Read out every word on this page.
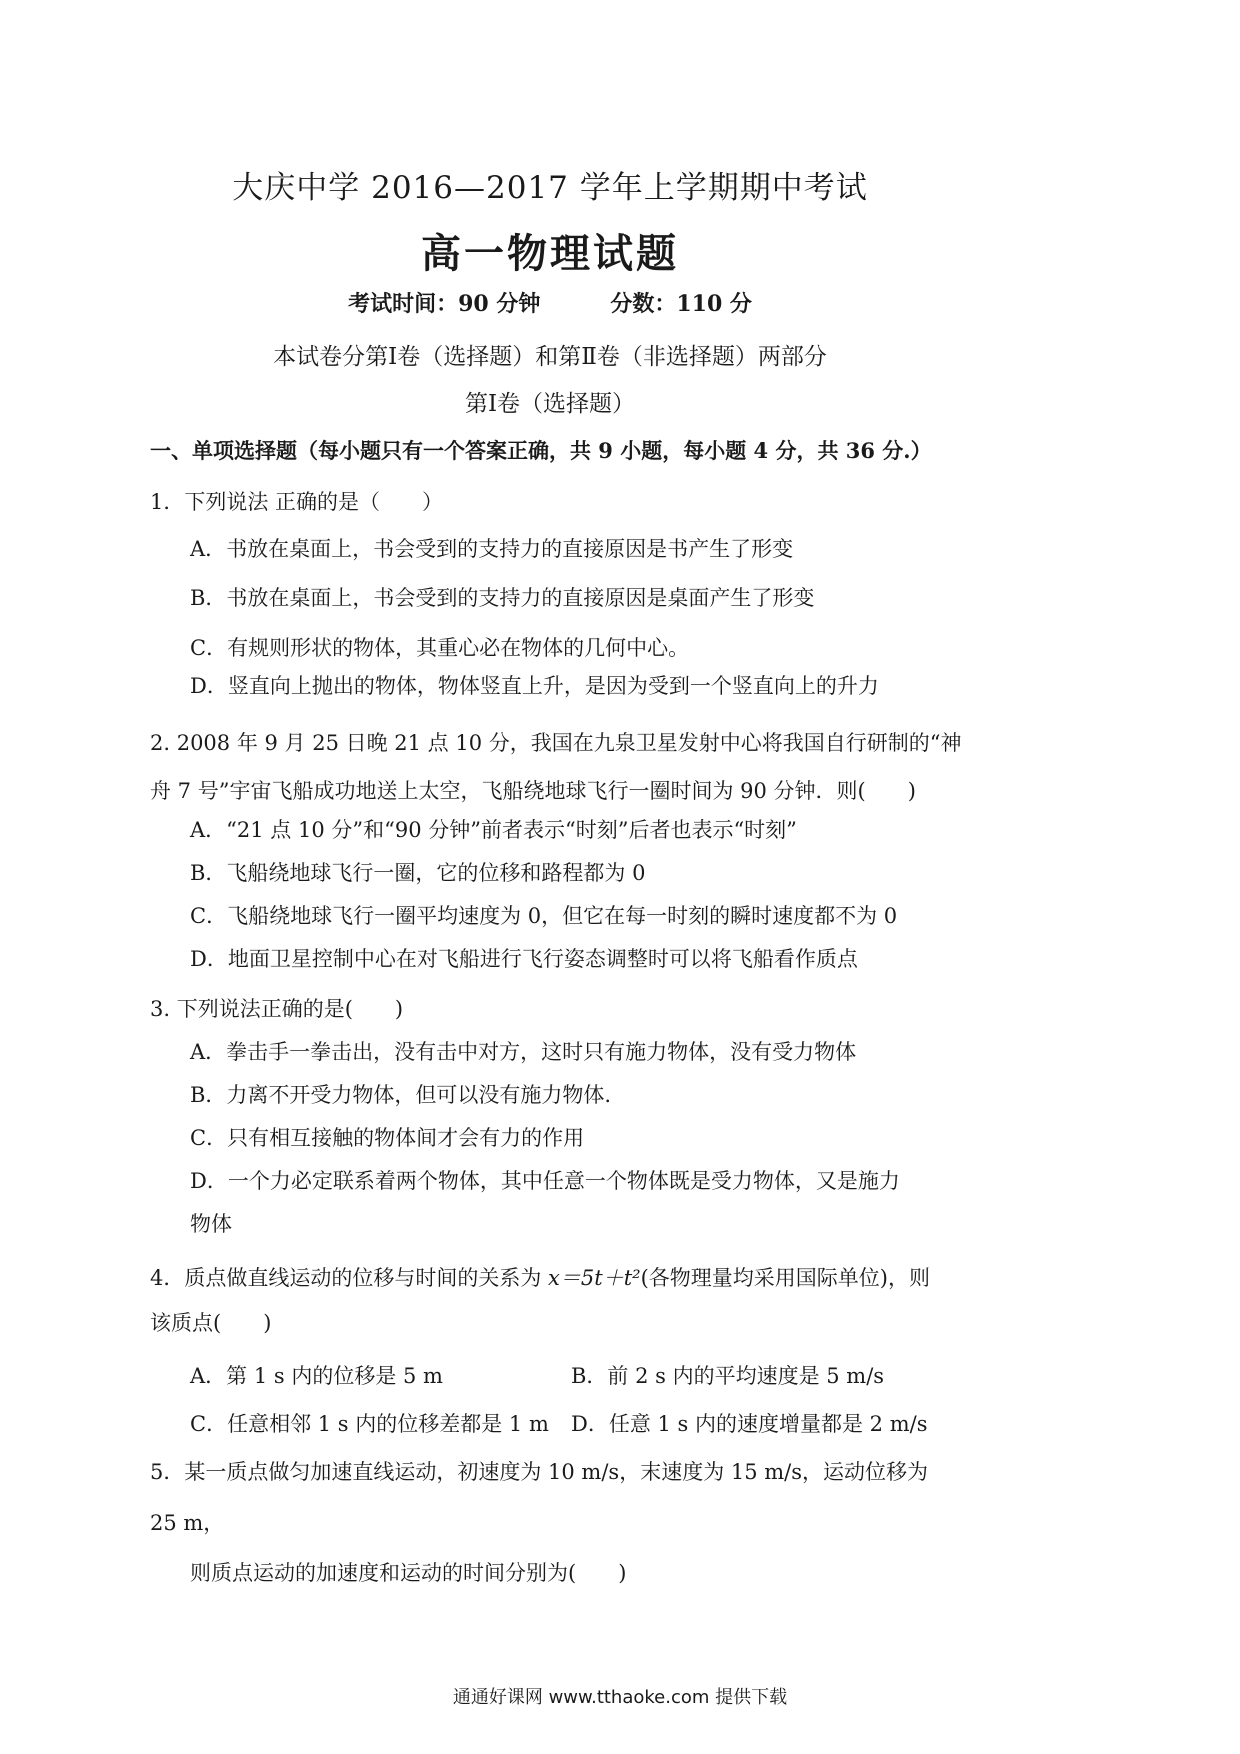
大庆中学 2016—2017 学年上学期期中考试
高一物理试题
考试时间：90 分钟	分数：110 分
本试卷分第Ⅰ卷（选择题）和第Ⅱ卷（非选择题）两部分
第Ⅰ卷（选择题）
一、单项选择题（每小题只有一个答案正确，共 9 小题，每小题 4 分，共 36 分.）
1．下列说法 正确的是（　　）
A．书放在桌面上，书会受到的支持力的直接原因是书产生了形变
B．书放在桌面上，书会受到的支持力的直接原因是桌面产生了形变
C．有规则形状的物体，其重心必在物体的几何中心。
D．竖直向上抛出的物体，物体竖直上升，是因为受到一个竖直向上的升力
2. 2008 年 9 月 25 日晚 21 点 10 分，我国在九泉卫星发射中心将我国自行研制的“神
舟 7 号”宇宙飞船成功地送上太空，飞船绕地球飞行一圈时间为 90 分钟．则(　　)
A．“21 点 10 分”和“90 分钟”前者表示“时刻”后者也表示“时刻”
B．飞船绕地球飞行一圈，它的位移和路程都为 0
C．飞船绕地球飞行一圈平均速度为 0，但它在每一时刻的瞬时速度都不为 0
D．地面卫星控制中心在对飞船进行飞行姿态调整时可以将飞船看作质点
3. 下列说法正确的是(　　)
A．拳击手一拳击出，没有击中对方，这时只有施力物体，没有受力物体
B．力离不开受力物体，但可以没有施力物体.
C．只有相互接触的物体间才会有力的作用
D．一个力必定联系着两个物体，其中任意一个物体既是受力物体，又是施力
物体
4．质点做直线运动的位移与时间的关系为 x＝5t＋t²(各物理量均采用国际单位)，则
该质点(　　)
A．第 1 s 内的位移是 5 m	B．前 2 s 内的平均速度是 5 m/s
C．任意相邻 1 s 内的位移差都是 1 m D．任意 1 s 内的速度增量都是 2 m/s
5．某一质点做匀加速直线运动，初速度为 10 m/s，末速度为 15 m/s，运动位移为
25 m，
则质点运动的加速度和运动的时间分别为(　　)
通通好课网 www.tthaoke.com 提供下载
